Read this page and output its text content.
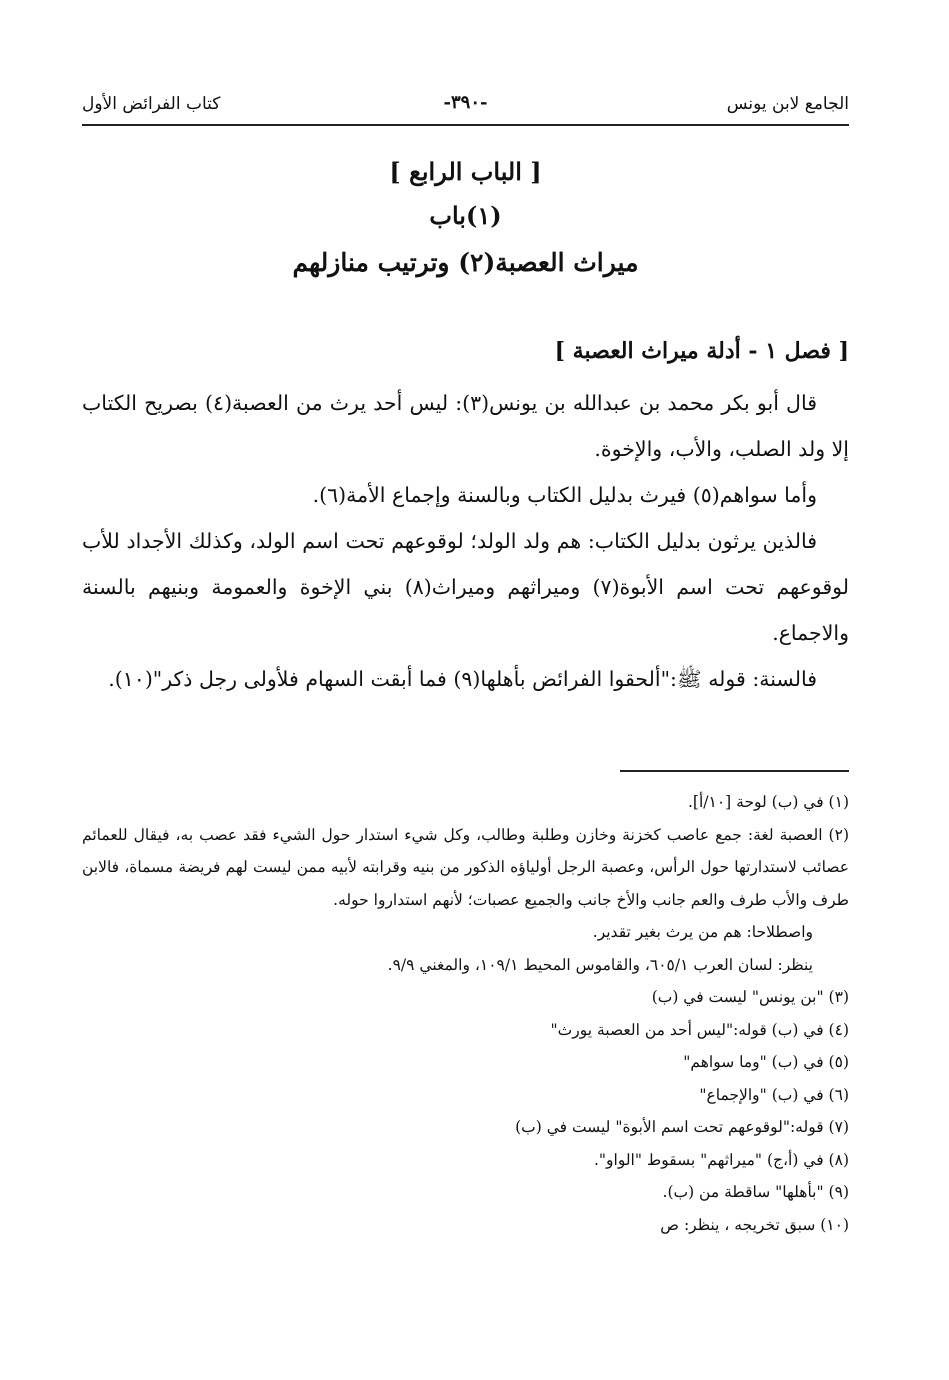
الجامع لابن يونس
-٣٩٠-
كتاب الفرائض الأول
[ الباب الرابع ]
(١)باب
ميراث العصبة(٢) وترتيب منازلهم
[ فصل ١ - أدلة ميراث العصبة ]

قال أبو بكر محمد بن عبدالله بن يونس(٣): ليس أحد يرث من العصبة(٤) بصريح الكتاب إلا ولد الصلب، والأب، والإخوة.

وأما سواهم(٥) فيرث بدليل الكتاب وبالسنة وإجماع الأمة(٦).

فالذين يرثون بدليل الكتاب: هم ولد الولد؛ لوقوعهم تحت اسم الولد، وكذلك الأجداد للأب لوقوعهم تحت اسم الأبوة(٧) وميراثهم وميراث(٨) بني الإخوة والعمومة وبنيهم بالسنة والاجماع.

فالسنة: قوله ﷺ:"ألحقوا الفرائض بأهلها(٩) فما أبقت السهام فلأولى رجل ذكر"(١٠).

(١) في (ب) لوحة [١٠/أ].

(٢) العصبة لغة: جمع عاصب كخزنة وخازن وطلبة وطالب، وكل شيء استدار حول الشيء فقد عصب به، فيقال للعمائم عصائب لاستدارتها حول الرأس، وعصبة الرجل أولياؤه الذكور من بنيه وقرابته لأبيه ممن ليست لهم فريضة مسماة، فالابن طرف والأب طرف والعم جانب والأخ جانب والجميع عصبات؛ لأنهم استداروا حوله.

واصطلاحا: هم من يرث بغير تقدير.

ينظر: لسان العرب ٦٠٥/١، والقاموس المحيط ١٠٩/١، والمغني ٩/٩.

(٣) "بن يونس" ليست في (ب)

(٤) في (ب) قوله:"ليس أحد من العصبة يورث"

(٥) في (ب) "وما سواهم"

(٦) في (ب) "والإجماع"

(٧) قوله:"لوقوعهم تحت اسم الأبوة" ليست في (ب)

(٨) في (أ،ج) "ميراثهم" بسقوط "الواو".

(٩) "بأهلها" ساقطة من (ب).

(١٠) سبق تخريجه ، ينظر: ص
